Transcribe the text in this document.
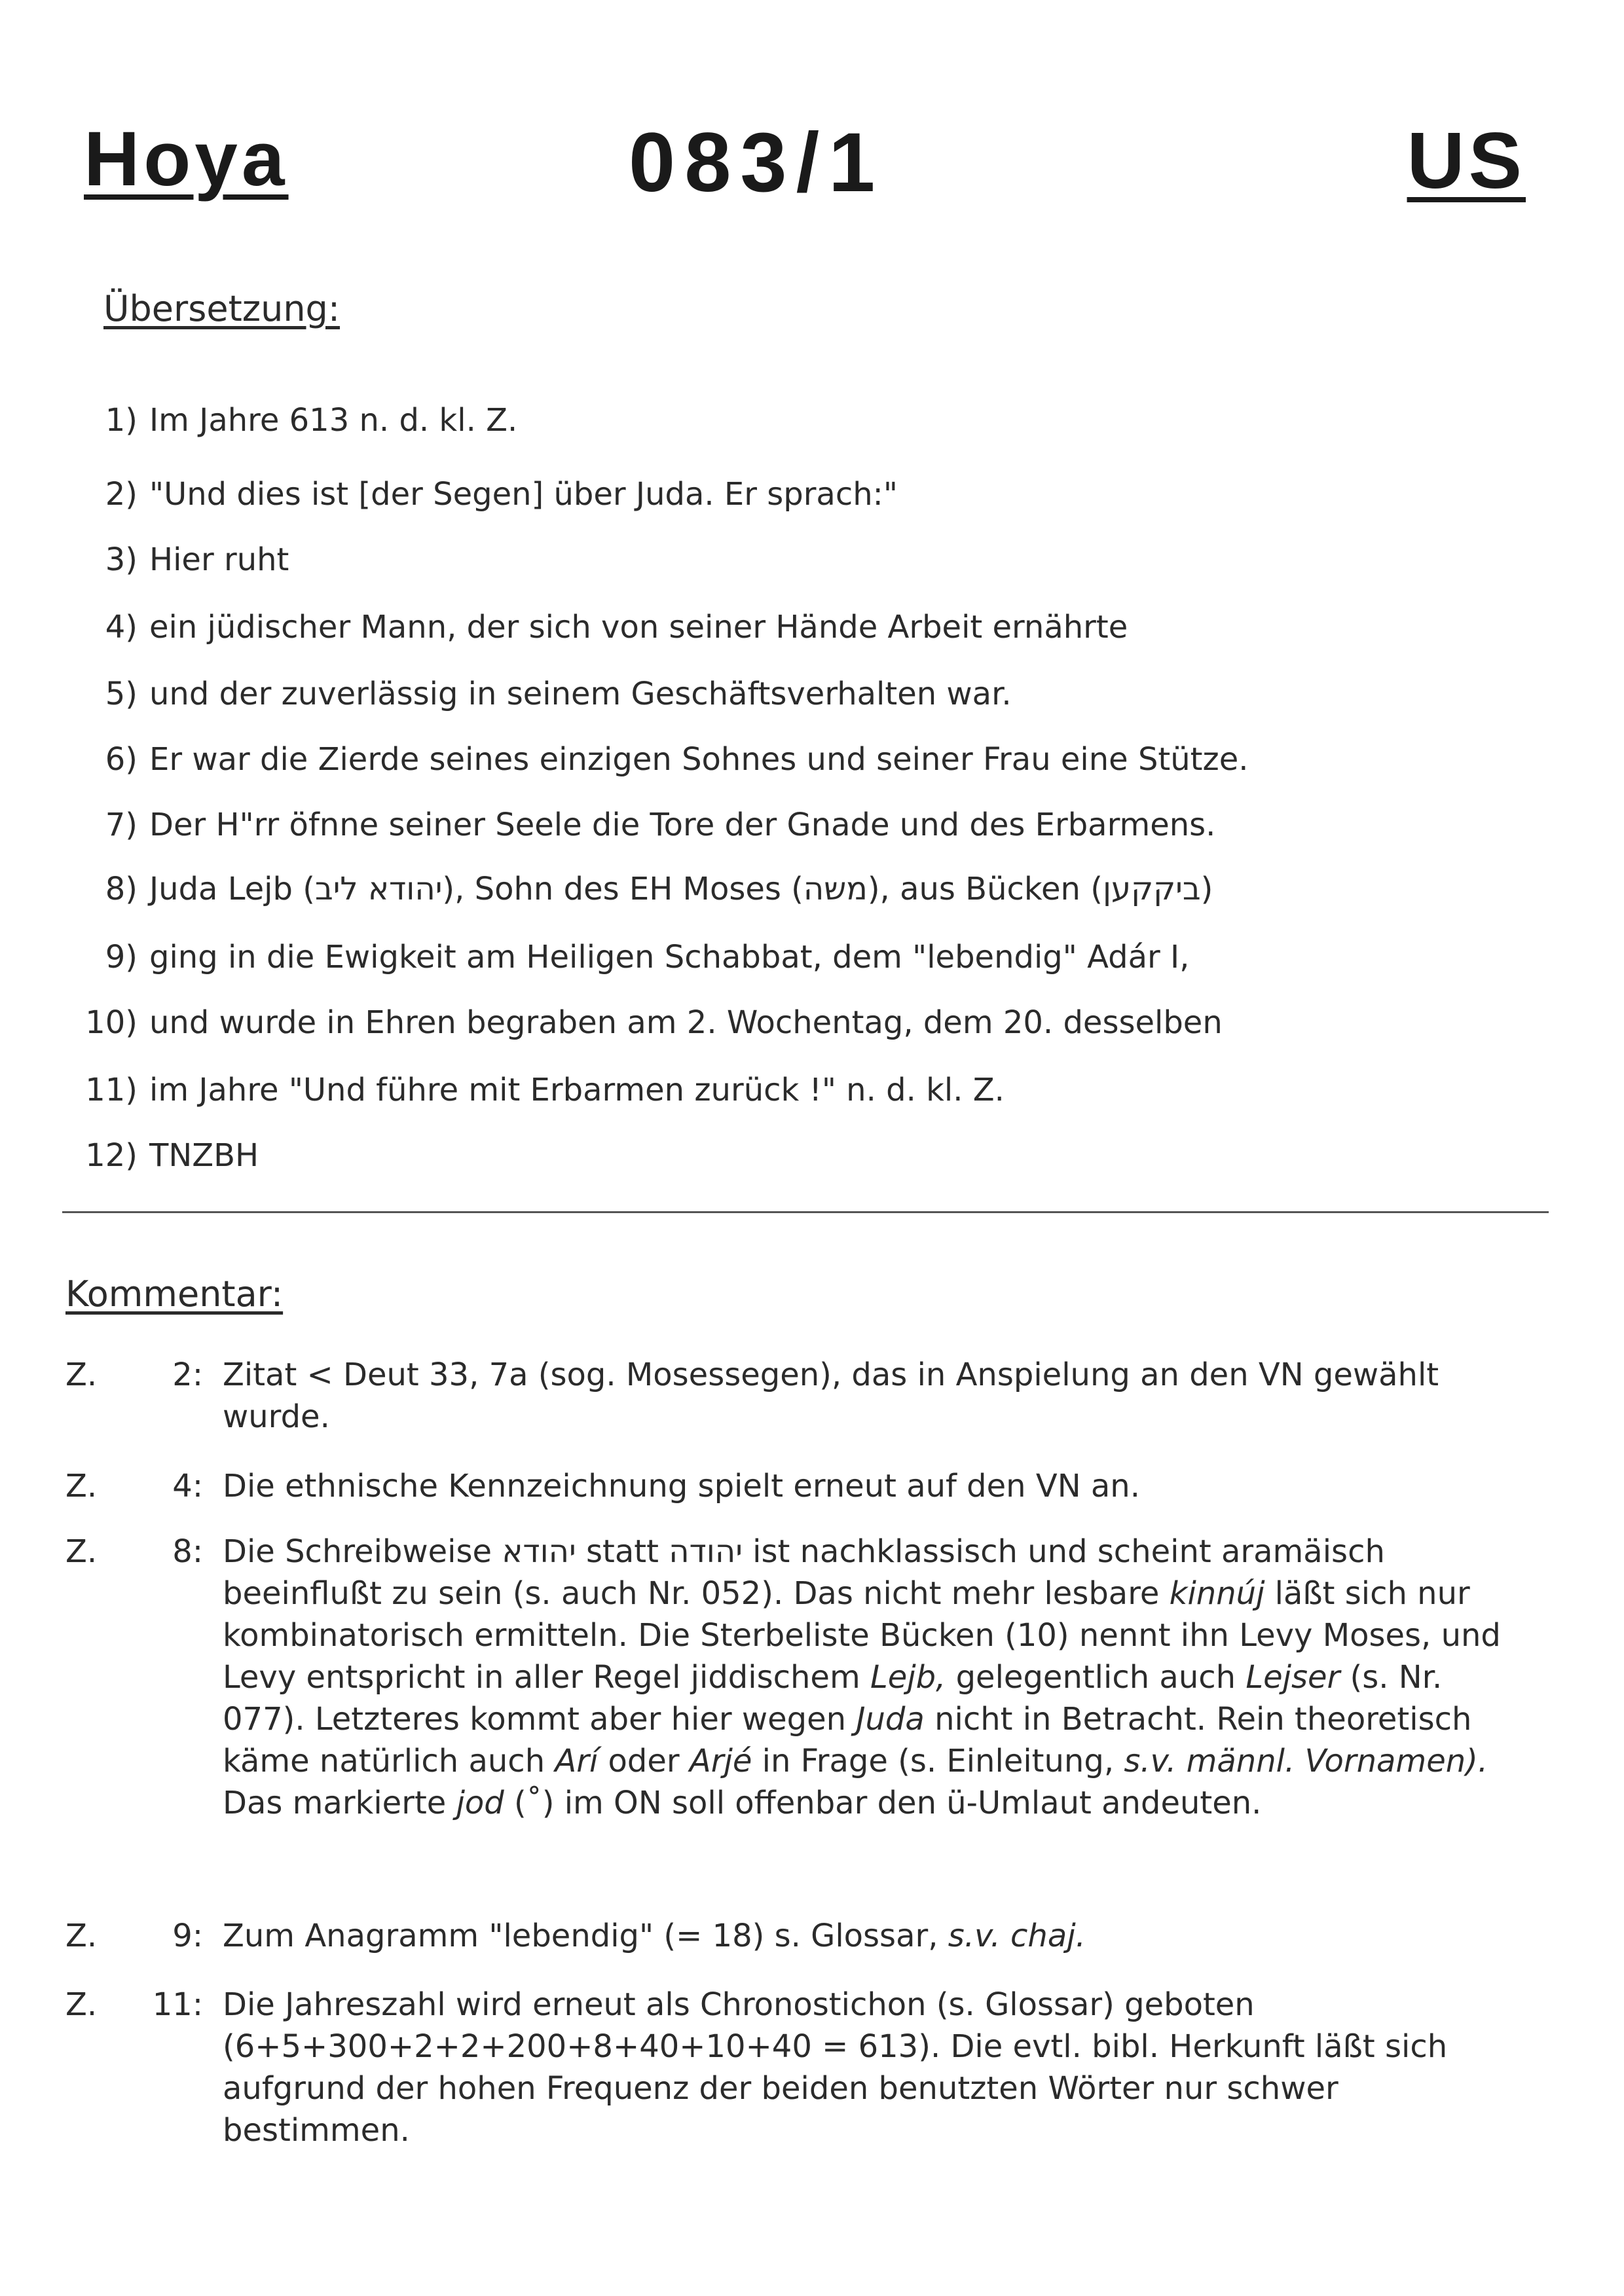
Hoya	083/1	US
Übersetzung:
1) Im Jahre 613 n. d. kl. Z.
2) "Und dies ist [der Segen] über Juda. Er sprach:"
3) Hier ruht
4) ein jüdischer Mann, der sich von seiner Hände Arbeit ernährte
5) und der zuverlässig in seinem Geschäftsverhalten war.
6) Er war die Zierde seines einzigen Sohnes und seiner Frau eine Stütze.
7) Der H"rr öfnne seiner Seele die Tore der Gnade und des Erbarmens.
8) Juda Lejb (יהודא ליב), Sohn des EH Moses (משה), aus Bücken (ביקקען)
9) ging in die Ewigkeit am Heiligen Schabbat, dem "lebendig" Adár I,
10) und wurde in Ehren begraben am 2. Wochentag, dem 20. desselben
11) im Jahre "Und führe mit Erbarmen zurück !" n. d. kl. Z.
12) TNZBH
Kommentar:
Z.	2: Zitat < Deut 33, 7a (sog. Mosessegen), das in Anspielung an den VN gewählt wurde.
Z.	4: Die ethnische Kennzeichnung spielt erneut auf den VN an.
Z.	8: Die Schreibweise יהודא statt יהודה ist nachklassisch und scheint aramäisch beeinflußt zu sein (s. auch Nr. 052). Das nicht mehr lesbare kinnúj läßt sich nur kombinatorisch ermitteln. Die Sterbeliste Bücken (10) nennt ihn Levy Moses, und Levy entspricht in aller Regel jiddischem Lejb, gelegentlich auch Lejser (s. Nr. 077). Letzteres kommt aber hier wegen Juda nicht in Betracht. Rein theoretisch käme natürlich auch Arí oder Arjé in Frage (s. Einleitung, s.v. männl. Vornamen).

Das markierte jod (˚) im ON soll offenbar den ü-Umlaut andeuten.

Z.	9: Zum Anagramm "lebendig" (= 18) s. Glossar, s.v. chaj.
Z.	11: Die Jahreszahl wird erneut als Chronostichon (s. Glossar) geboten (6+5+300+2+2+200+8+40+10+40 = 613). Die evtl. bibl. Herkunft läßt sich aufgrund der hohen Frequenz der beiden benutzten Wörter nur schwer bestimmen.
